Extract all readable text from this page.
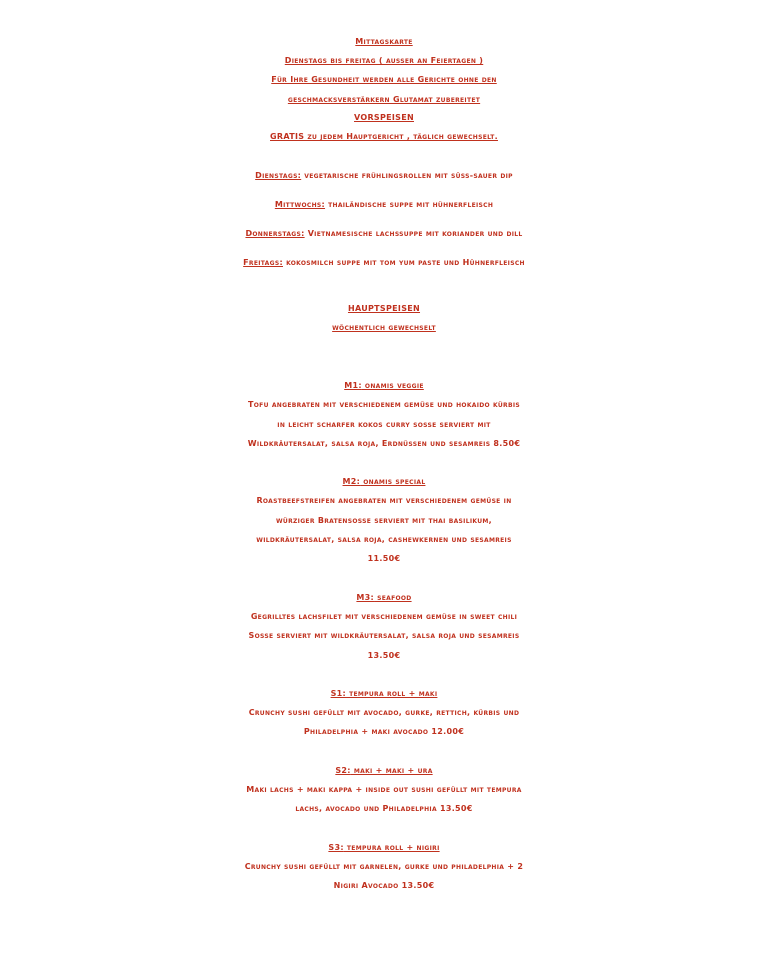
Mittagskarte
Dienstags bis freitag ( ausser an Feiertagen )
Für Ihre Gesundheit werden alle Gerichte ohne den
geschmacksverstärkern Glutamat zubereitet
VORSPEISEN
GRATIS zu jedem Hauptgericht , täglich gewechselt.
Dienstags: vegetarische frühlingsrollen mit süss-sauer dip
Mittwochs: thailändische suppe mit hühnerfleisch
Donnerstags: Vietnamesische lachssuppe mit koriander und dill
Freitags: kokosmilch suppe mit tom yum paste und Hühnerfleisch
HAUPTSPEISEN
wöchentlich gewechselt
M1: onamis veggie
Tofu angebraten mit verschiedenem gemüse und hokaido kürbis
in leicht scharfer kokos curry sosse serviert mit
Wildkräutersalat, salsa roja, Erdnüssen und sesamreis 8.50€
M2: onamis special
Roastbeefstreifen angebraten mit verschiedenem gemüse in
würziger Bratensosse serviert mit thai basilikum,
wildkräutersalat, salsa roja, cashewkernen und sesamreis
11.50€
M3: seafood
Gegrilltes lachsfilet mit verschiedenem gemüse in sweet chili
Sosse serviert mit wildkräutersalat, salsa roja und sesamreis
13.50€
S1: tempura roll + maki
Crunchy sushi gefüllt mit avocado, gurke, rettich, kürbis und
Philadelphia + maki avocado 12.00€
S2: maki + maki + ura
Maki lachs + maki kappa + inside out sushi gefüllt mit tempura
lachs, avocado und Philadelphia 13.50€
S3: tempura roll + nigiri
Crunchy sushi gefüllt mit garnelen, gurke und philadelphia + 2
Nigiri Avocado 13.50€
